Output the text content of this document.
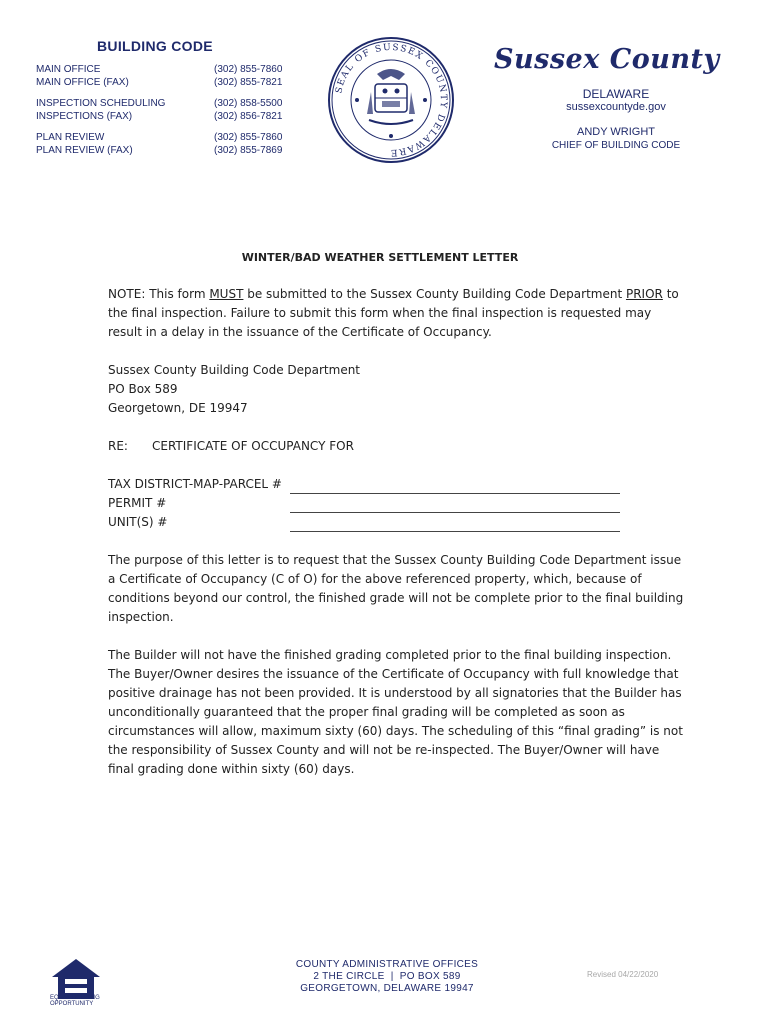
BUILDING CODE
MAIN OFFICE	(302) 855-7860
MAIN OFFICE (FAX)	(302) 855-7821
INSPECTION SCHEDULING	(302) 858-5500
INSPECTIONS (FAX)	(302) 856-7821
PLAN REVIEW	(302) 855-7860
PLAN REVIEW (FAX)	(302) 855-7869
SEAL OF SUSSEX COUNTY DELAWARE
Sussex County
DELAWARE
sussexcountyde.gov
ANDY WRIGHT
CHIEF OF BUILDING CODE
WINTER/BAD WEATHER SETTLEMENT LETTER

NOTE: This form MUST be submitted to the Sussex County Building Code Department PRIOR to the final inspection. Failure to submit this form when the final inspection is requested may result in a delay in the issuance of the Certificate of Occupancy.

Sussex County Building Code Department
PO Box 589
Georgetown, DE 19947

RE:	CERTIFICATE OF OCCUPANCY FOR
TAX DISTRICT-MAP-PARCEL #
PERMIT #
UNIT(S) #

The purpose of this letter is to request that the Sussex County Building Code Department issue a Certificate of Occupancy (C of O) for the above referenced property, which, because of conditions beyond our control, the finished grade will not be complete prior to the final building inspection.

The Builder will not have the finished grading completed prior to the final building inspection. The Buyer/Owner desires the issuance of the Certificate of Occupancy with full knowledge that positive drainage has not been provided. It is understood by all signatories that the Builder has unconditionally guaranteed that the proper final grading will be completed as soon as circumstances will allow, maximum sixty (60) days. The scheduling of this “final grading” is not the responsibility of Sussex County and will not be re-inspected. The Buyer/Owner will have final grading done within sixty (60) days.

EQUAL HOUSING OPPORTUNITY
COUNTY ADMINISTRATIVE OFFICES
2 THE CIRCLE  |  PO BOX 589
GEORGETOWN, DELAWARE 19947
Revised 04/22/2020
